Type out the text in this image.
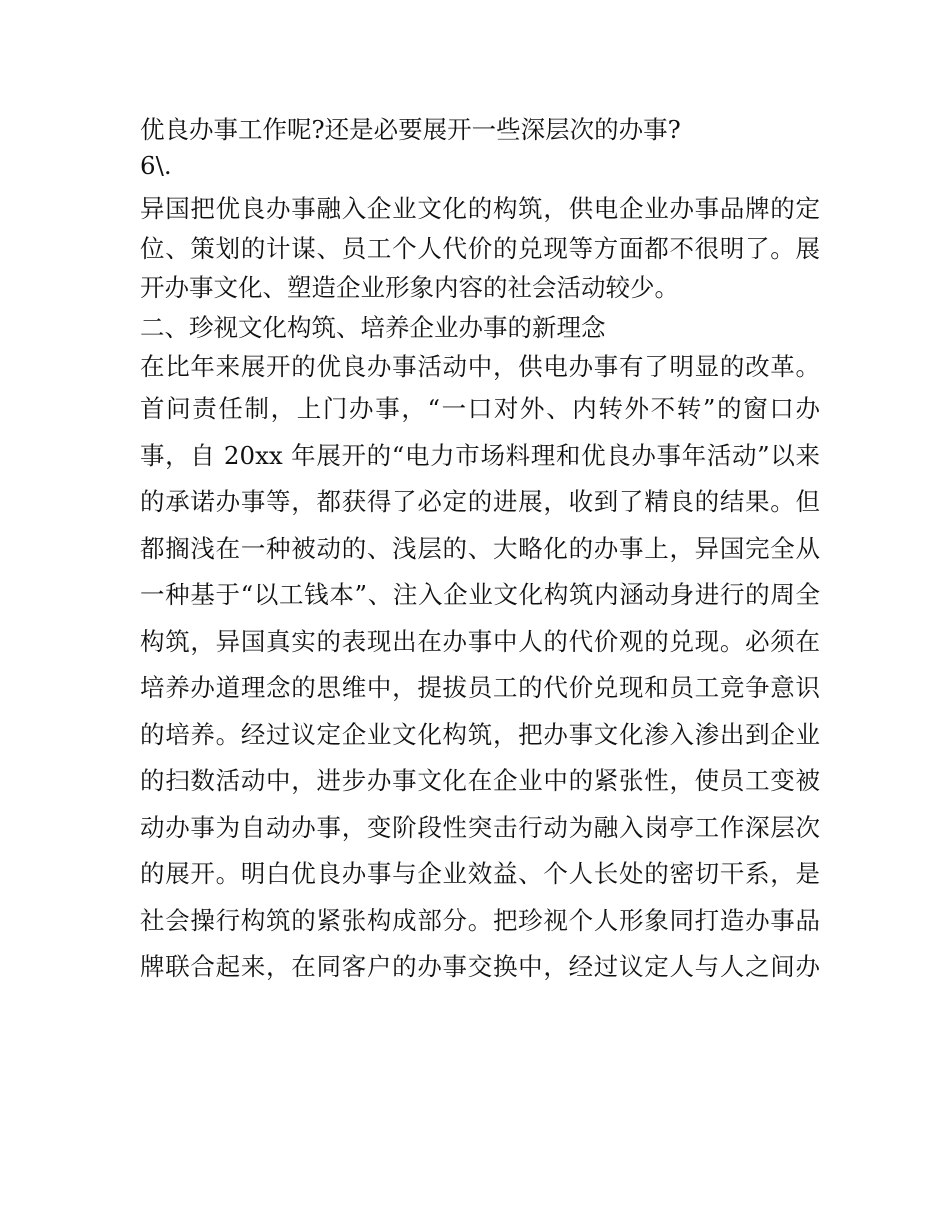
优良办事工作呢?还是必要展开一些深层次的办事?
6\.
异国把优良办事融入企业文化的构筑，供电企业办事品牌的定
位、策划的计谋、员工个人代价的兑现等方面都不很明了。展
开办事文化、塑造企业形象内容的社会活动较少。
二、珍视文化构筑、培养企业办事的新理念
在比年来展开的优良办事活动中，供电办事有了明显的改革。
首问责任制，上门办事，“一口对外、内转外不转”的窗口办
事，自 20xx 年展开的“电力市场料理和优良办事年活动”以来
的承诺办事等，都获得了必定的进展，收到了精良的结果。但
都搁浅在一种被动的、浅层的、大略化的办事上，异国完全从
一种基于“以工钱本”、注入企业文化构筑内涵动身进行的周全
构筑，异国真实的表现出在办事中人的代价观的兑现。必须在
培养办道理念的思维中，提拔员工的代价兑现和员工竞争意识
的培养。经过议定企业文化构筑，把办事文化渗入渗出到企业
的扫数活动中，进步办事文化在企业中的紧张性，使员工变被
动办事为自动办事，变阶段性突击行动为融入岗亭工作深层次
的展开。明白优良办事与企业效益、个人长处的密切干系，是
社会操行构筑的紧张构成部分。把珍视个人形象同打造办事品
牌联合起来，在同客户的办事交换中，经过议定人与人之间办
